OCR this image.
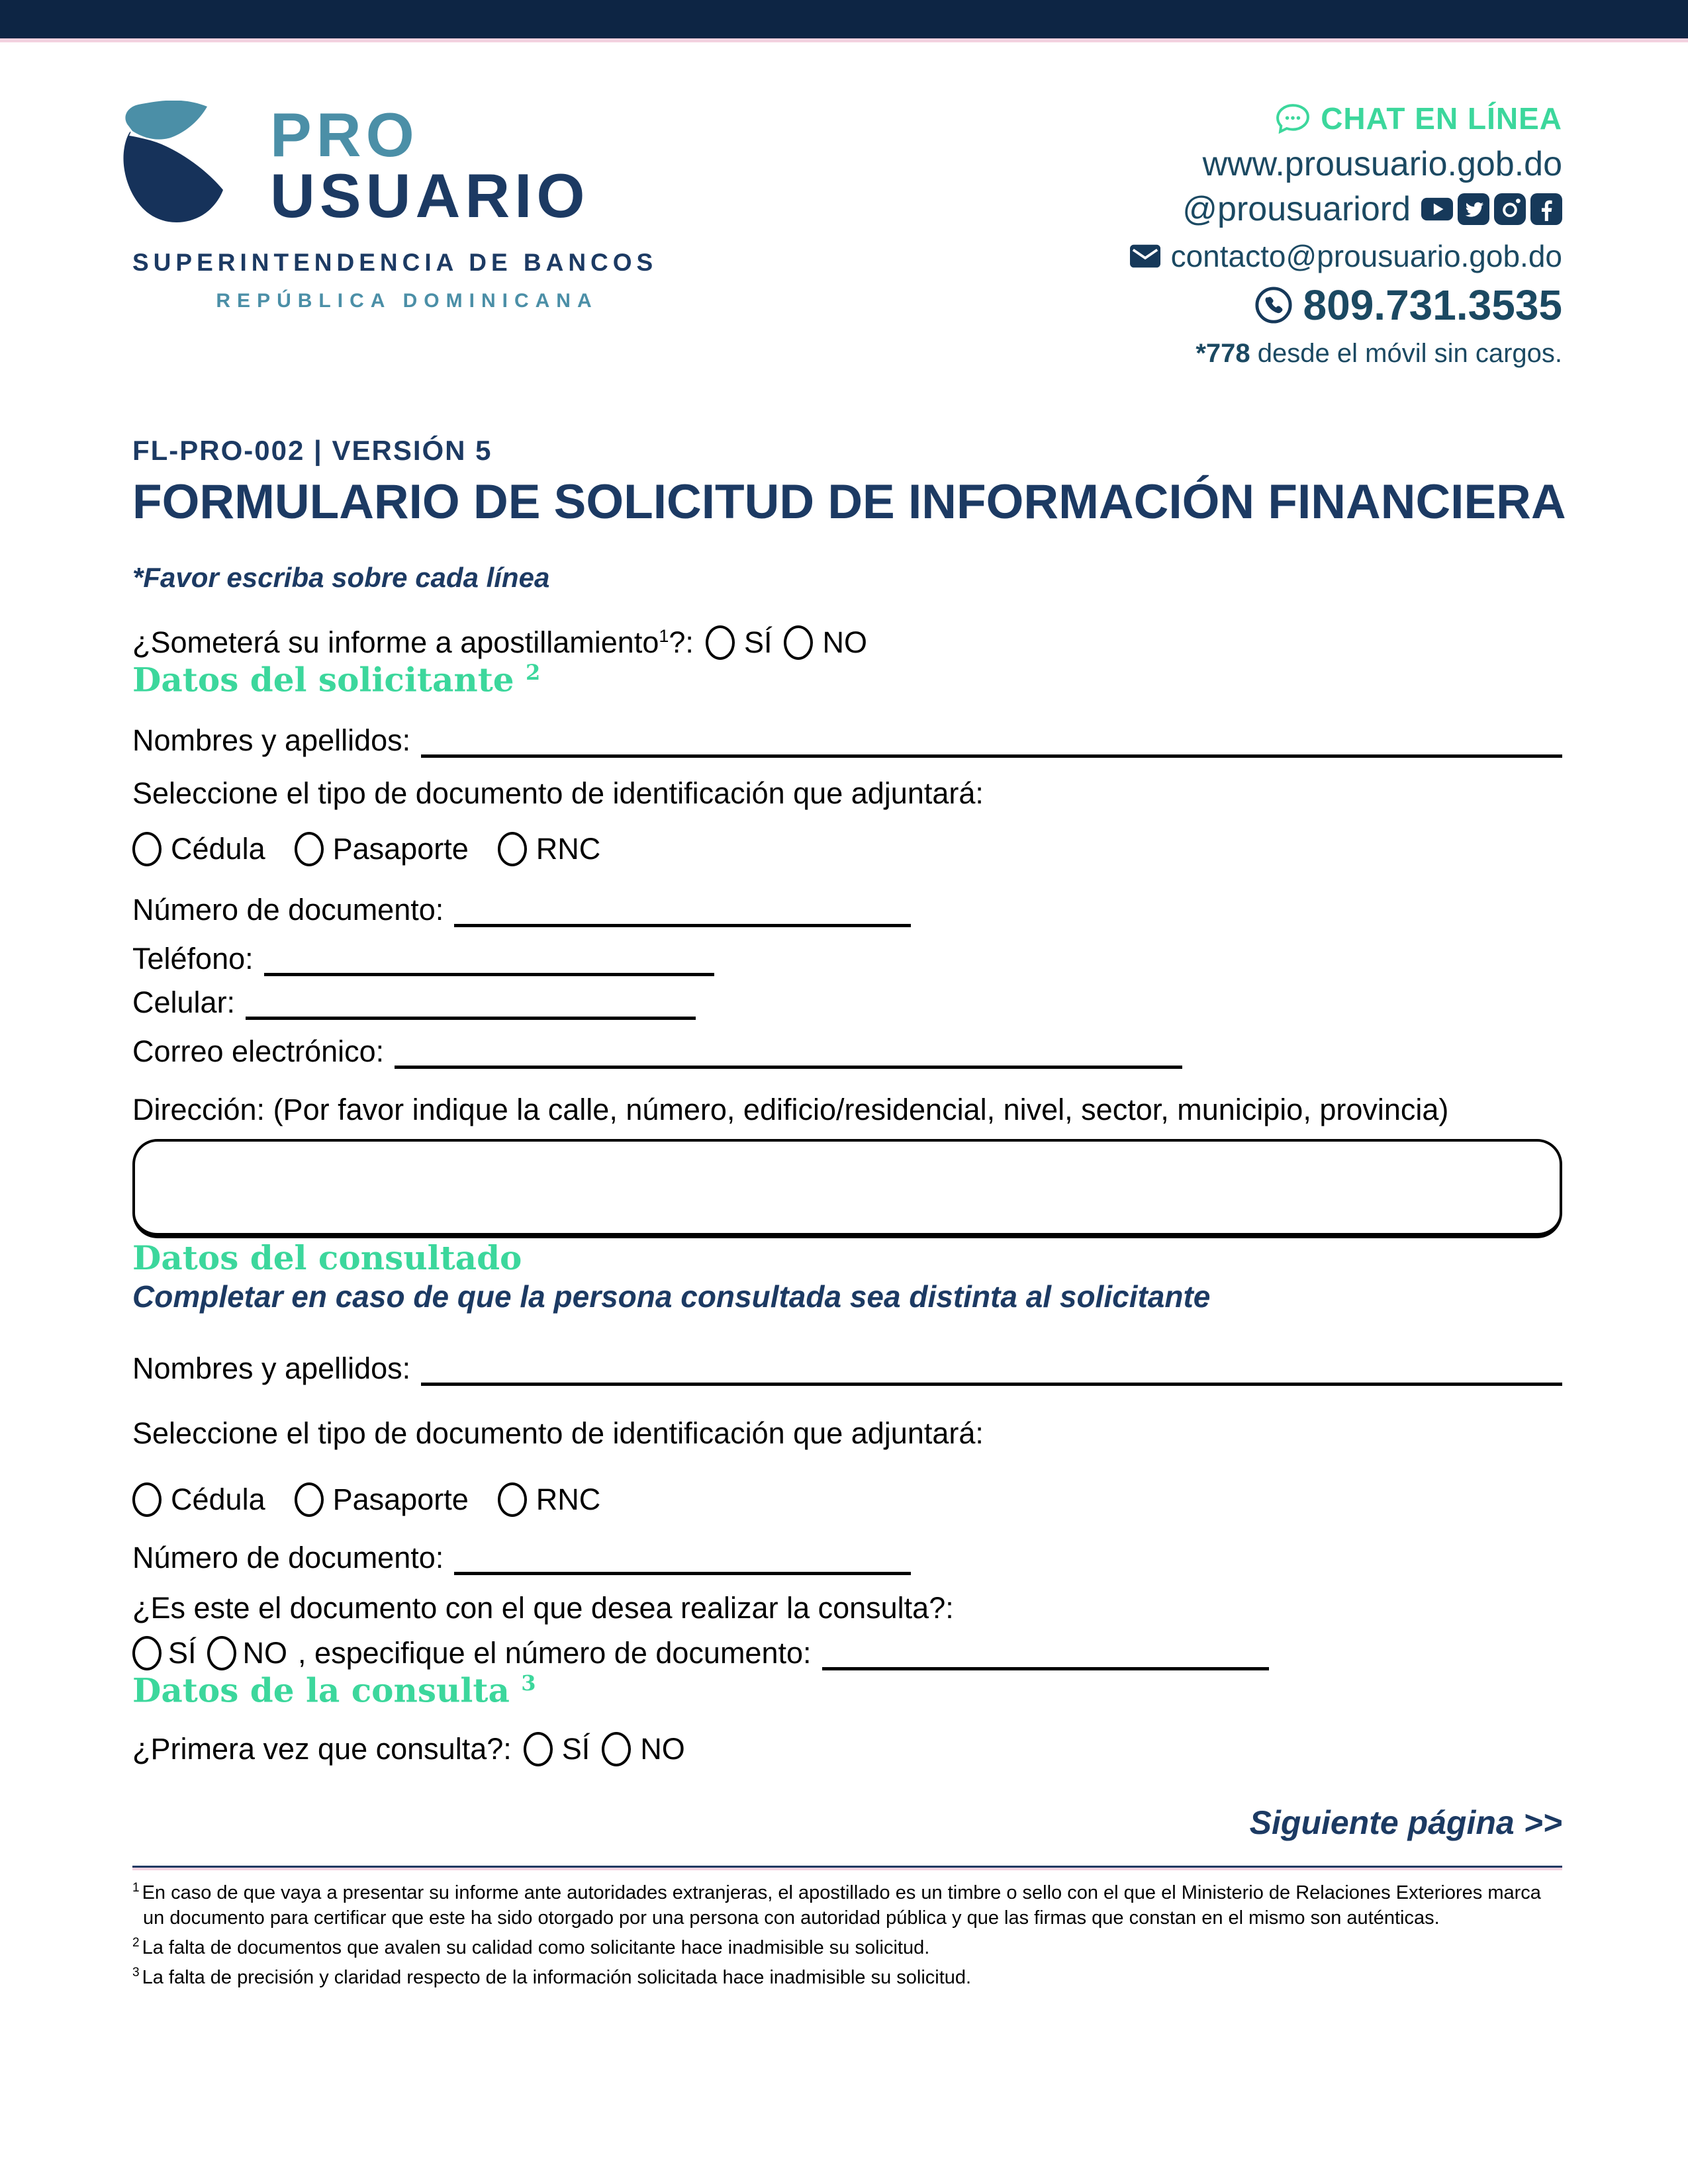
PRO
USUARIO
SUPERINTENDENCIA DE BANCOS
REPÚBLICA DOMINICANA
CHAT EN LÍNEA
www.prousuario.gob.do
@prousuariord
contacto@prousuario.gob.do
809.731.3535
*778 desde el móvil sin cargos.
FL-PRO-002 | VERSIÓN 5
FORMULARIO DE SOLICITUD DE INFORMACIÓN FINANCIERA
*Favor escriba sobre cada línea
¿Someterá su informe a apostillamiento$^1$?: SÍ NO
Datos del solicitante $^2$
Nombres y apellidos:
Seleccione el tipo de documento de identificación que adjuntará:
Cédula Pasaporte RNC
Número de documento:
Teléfono:
Celular:
Correo electrónico:
Dirección: (Por favor indique la calle, número, edificio/residencial, nivel, sector, municipio, provincia)
Datos del consultado
Completar en caso de que la persona consultada sea distinta al solicitante
Nombres y apellidos:
Seleccione el tipo de documento de identificación que adjuntará:
Cédula Pasaporte RNC
Número de documento:
¿Es este el documento con el que desea realizar la consulta?:
SÍ NO , especifique el número de documento:
Datos de la consulta $^3$
¿Primera vez que consulta?: SÍ NO
Siguiente página >>
$^1$ En caso de que vaya a presentar su informe ante autoridades extranjeras, el apostillado es un timbre o sello con el que el Ministerio de Relaciones Exteriores marca un documento para certificar que este ha sido otorgado por una persona con autoridad pública y que las firmas que constan en el mismo son auténticas.
$^2$ La falta de documentos que avalen su calidad como solicitante hace inadmisible su solicitud.
$^3$ La falta de precisión y claridad respecto de la información solicitada hace inadmisible su solicitud.
